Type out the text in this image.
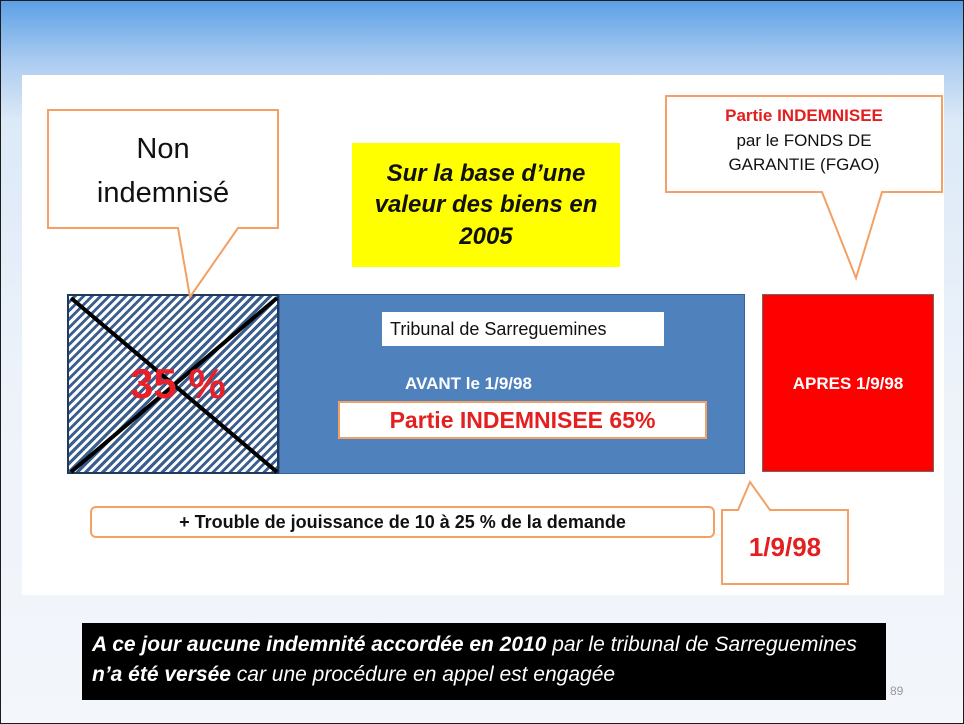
35 %
Tribunal de Sarreguemines
AVANT le 1/9/98
Partie INDEMNISEE 65%
APRES 1/9/98
Sur la base d’une
valeur des biens en
2005
Non
indemnisé
Partie INDEMNISEE
par le FONDS DE
GARANTIE (FGAO)
+ Trouble de jouissance de 10 à 25 % de la demande
1/9/98
A ce jour aucune indemnité accordée en 2010 par le tribunal de Sarreguemines n’a été versée car une procédure en appel est engagée
89
